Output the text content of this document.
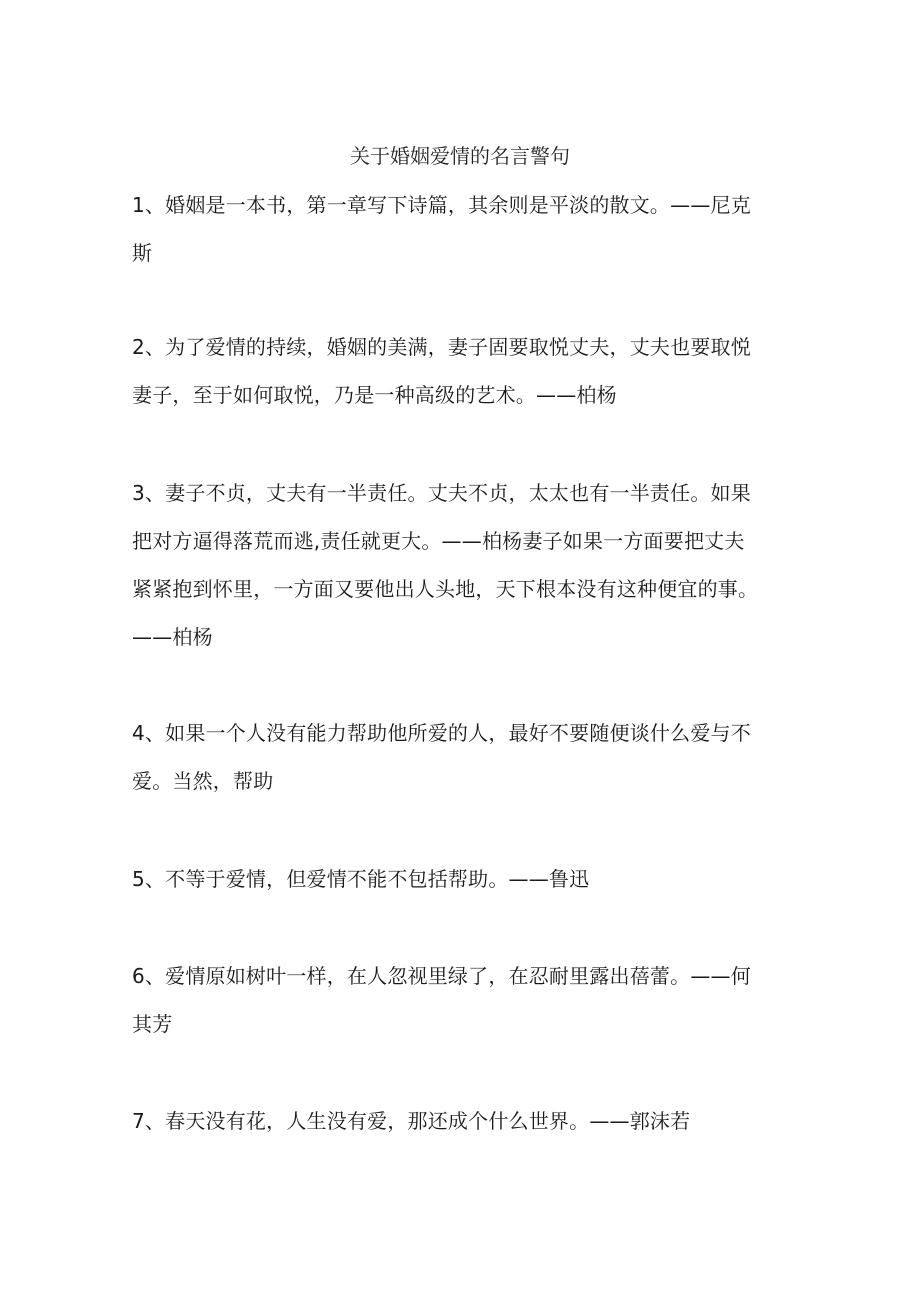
关于婚姻爱情的名言警句
1、婚姻是一本书，第一章写下诗篇，其余则是平淡的散文。——尼克
斯
2、为了爱情的持续，婚姻的美满，妻子固要取悦丈夫，丈夫也要取悦
妻子，至于如何取悦，乃是一种高级的艺术。——柏杨
3、妻子不贞，丈夫有一半责任。丈夫不贞，太太也有一半责任。如果
把对方逼得落荒而逃,责任就更大。——柏杨妻子如果一方面要把丈夫
紧紧抱到怀里，一方面又要他出人头地，天下根本没有这种便宜的事。
——柏杨
4、如果一个人没有能力帮助他所爱的人，最好不要随便谈什么爱与不
爱。当然，帮助
5、不等于爱情，但爱情不能不包括帮助。——鲁迅
6、爱情原如树叶一样，在人忽视里绿了，在忍耐里露出蓓蕾。——何
其芳
7、春天没有花，人生没有爱，那还成个什么世界。——郭沫若
